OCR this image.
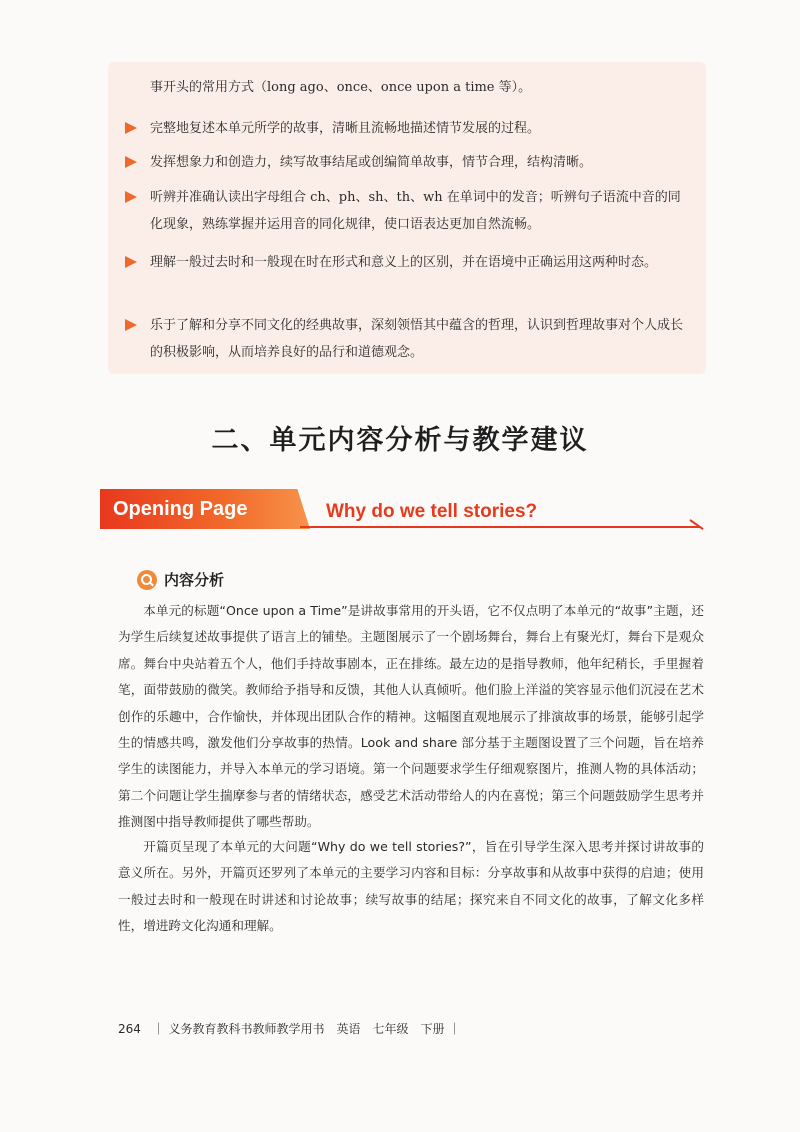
事开头的常用方式（long ago、once、once upon a time 等）。
完整地复述本单元所学的故事，清晰且流畅地描述情节发展的过程。
发挥想象力和创造力，续写故事结尾或创编简单故事，情节合理，结构清晰。
听辨并准确认读出字母组合 ch、ph、sh、th、wh 在单词中的发音；听辨句子语流中音的同化现象，熟练掌握并运用音的同化规律，使口语表达更加自然流畅。
理解一般过去时和一般现在时在形式和意义上的区别，并在语境中正确运用这两种时态。
乐于了解和分享不同文化的经典故事，深刻领悟其中蕴含的哲理，认识到哲理故事对个人成长的积极影响，从而培养良好的品行和道德观念。
二、单元内容分析与教学建议
Opening Page	Why do we tell stories?
内容分析

本单元的标题“Once upon a Time”是讲故事常用的开头语，它不仅点明了本单元的“故事”主题，还为学生后续复述故事提供了语言上的铺垫。主题图展示了一个剧场舞台，舞台上有聚光灯，舞台下是观众席。舞台中央站着五个人，他们手持故事剧本，正在排练。最左边的是指导教师，他年纪稍长，手里握着笔，面带鼓励的微笑。教师给予指导和反馈，其他人认真倾听。他们脸上洋溢的笑容显示他们沉浸在艺术创作的乐趣中，合作愉快，并体现出团队合作的精神。这幅图直观地展示了排演故事的场景，能够引起学生的情感共鸣，激发他们分享故事的热情。Look and share 部分基于主题图设置了三个问题，旨在培养学生的读图能力，并导入本单元的学习语境。第一个问题要求学生仔细观察图片，推测人物的具体活动；第二个问题让学生揣摩参与者的情绪状态，感受艺术活动带给人的内在喜悦；第三个问题鼓励学生思考并推测图中指导教师提供了哪些帮助。

开篇页呈现了本单元的大问题“Why do we tell stories?”，旨在引导学生深入思考并探讨讲故事的意义所在。另外，开篇页还罗列了本单元的主要学习内容和目标：分享故事和从故事中获得的启迪；使用一般过去时和一般现在时讲述和讨论故事；续写故事的结尾；探究来自不同文化的故事，了解文化多样性，增进跨文化沟通和理解。

264 ｜ 义务教育教科书教师教学用书　英语　七年级　下册 ｜
